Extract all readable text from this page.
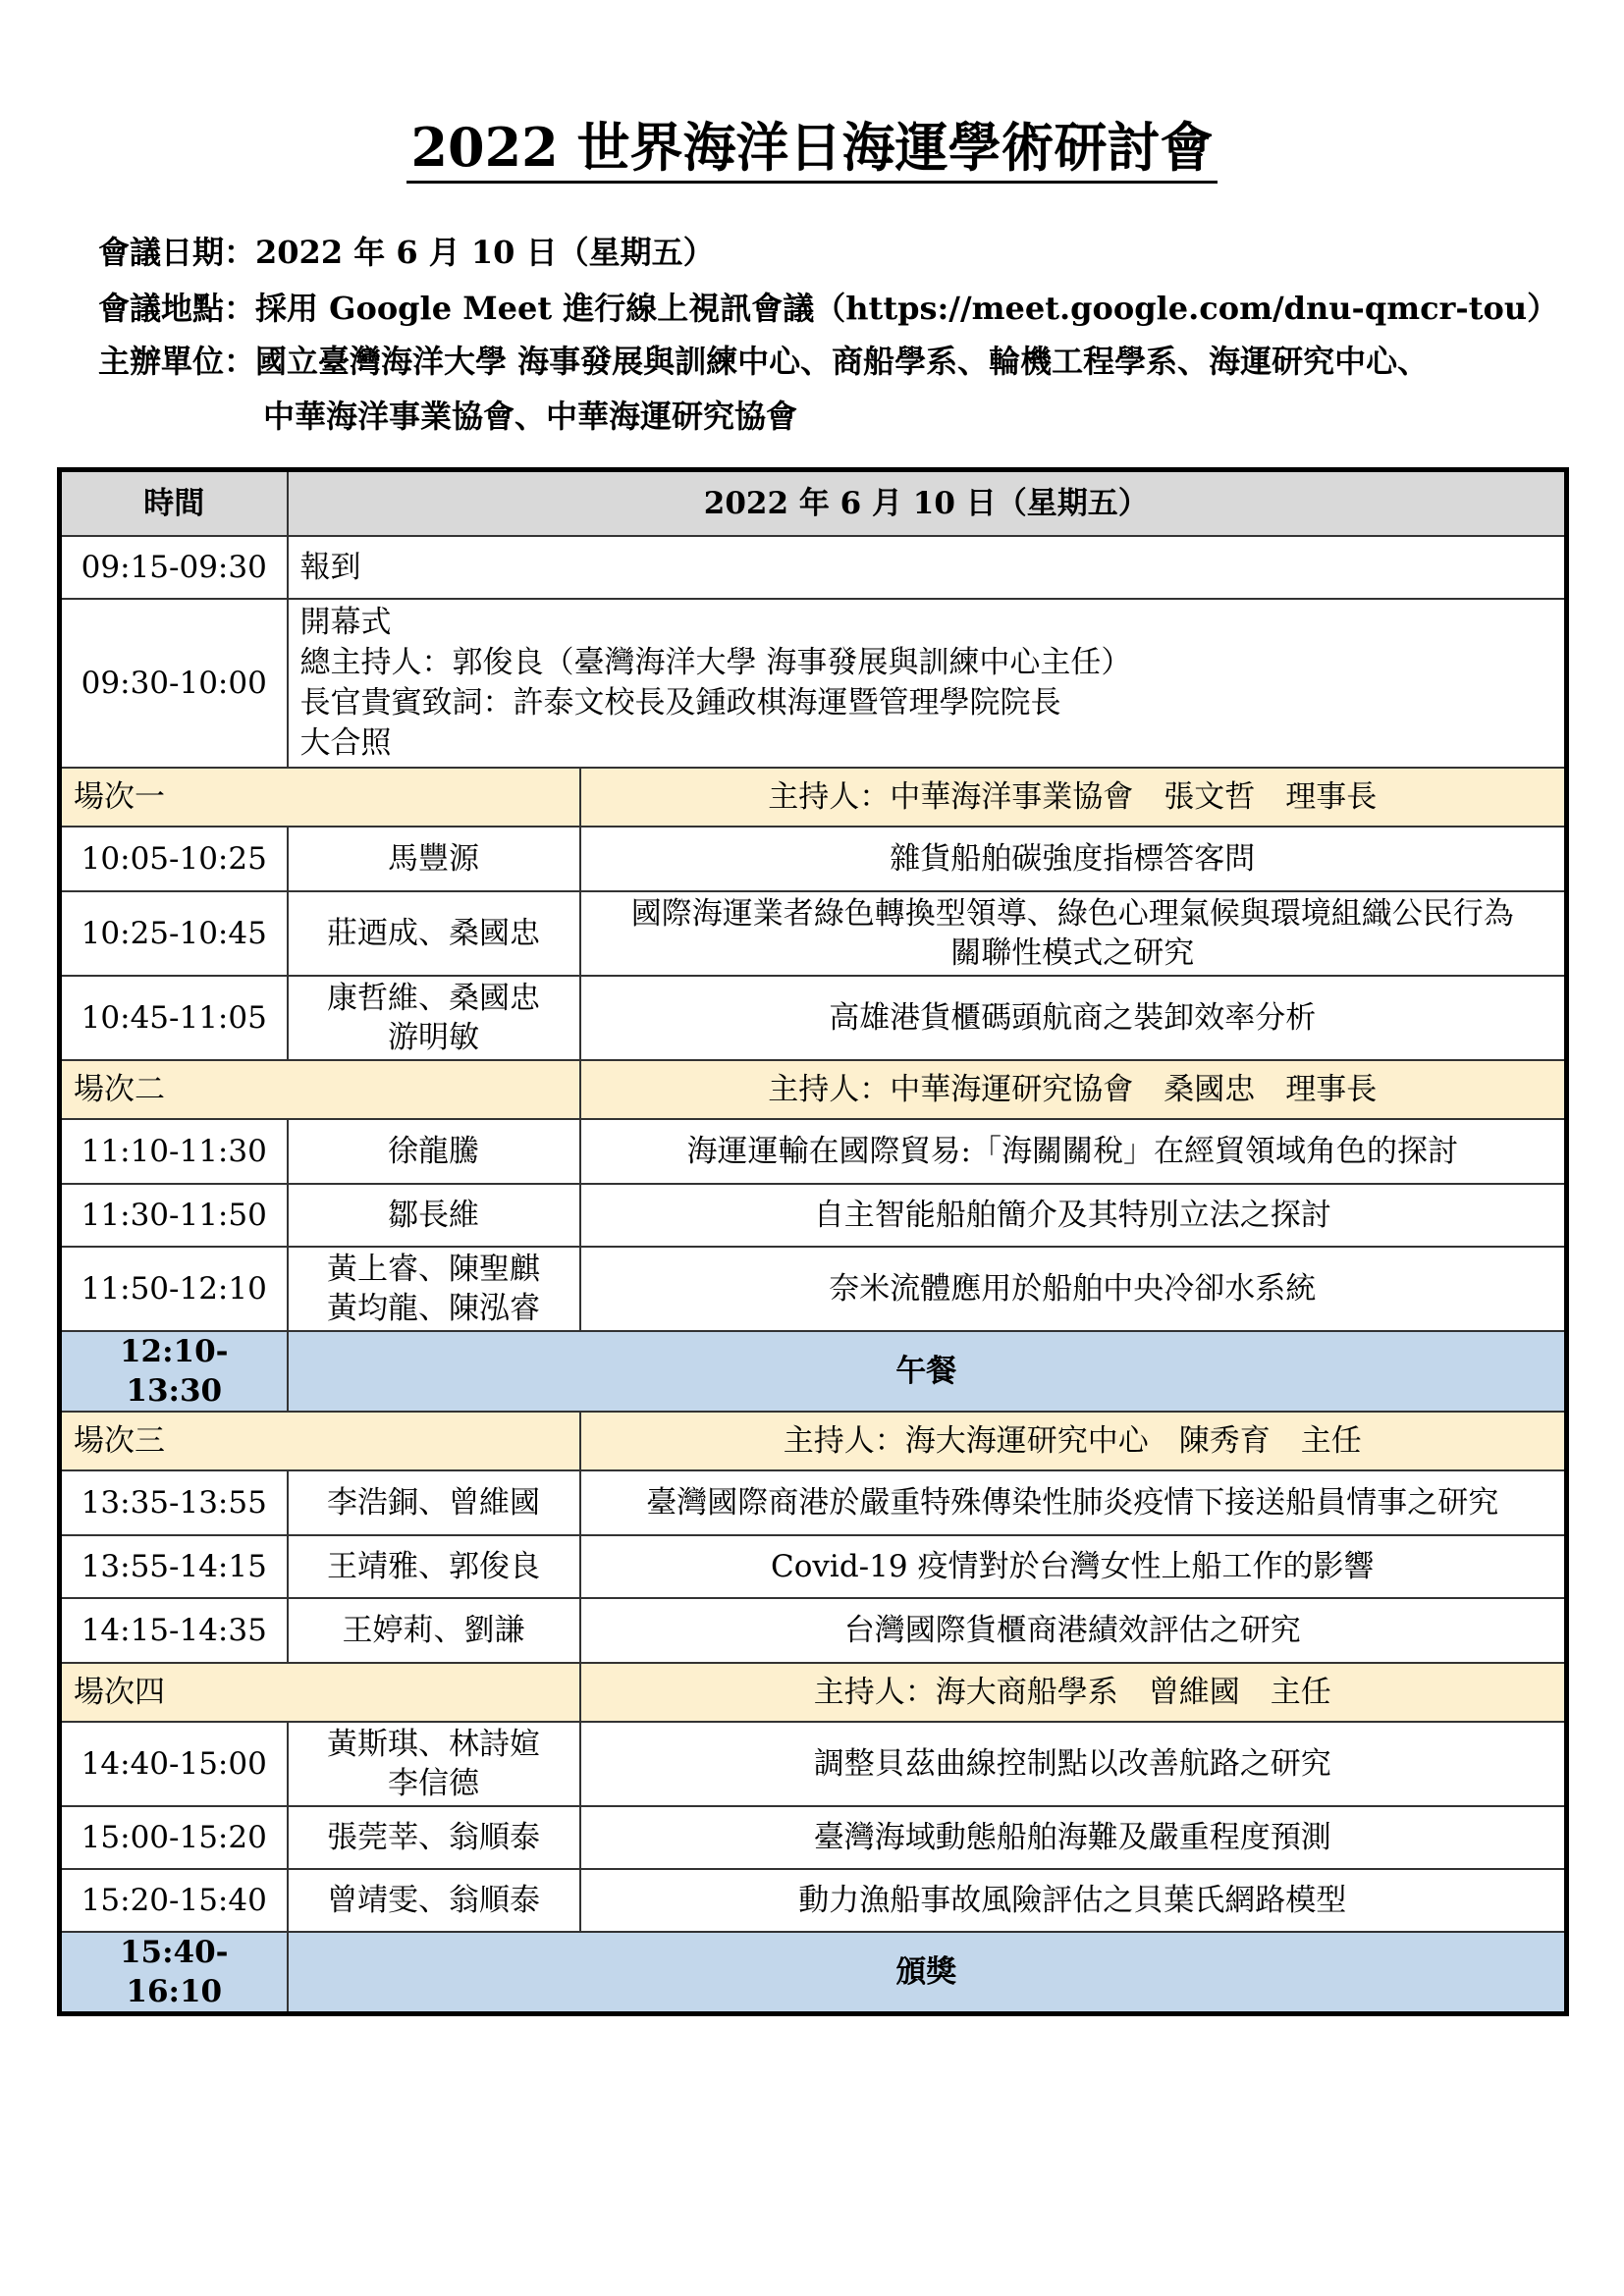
2022 世界海洋日海運學術研討會
會議日期：2022 年 6 月 10 日（星期五）
會議地點：採用 Google Meet 進行線上視訊會議（https://meet.google.com/dnu-qmcr-tou）
主辦單位：國立臺灣海洋大學 海事發展與訓練中心、商船學系、輪機工程學系、海運研究中心、
中華海洋事業協會、中華海運研究協會
時間	2022 年 6 月 10 日（星期五）	
09:15-09:30	報到	
09:30-10:00	開幕式
總主持人：郭俊良（臺灣海洋大學 海事發展與訓練中心主任）
長官貴賓致詞：許泰文校長及鍾政棋海運暨管理學院院長
大合照	

場次一		主持人：中華海洋事業協會　張文哲　理事長
10:05-10:25	馬豐源	雜貨船舶碳強度指標答客問
10:25-10:45	莊迺成、桑國忠	國際海運業者綠色轉換型領導、綠色心理氣候與環境組織公民行為
關聯性模式之研究

10:45-11:05	康哲維、桑國忠
游明敏	高雄港貨櫃碼頭航商之裝卸效率分析
場次二		主持人：中華海運研究協會　桑國忠　理事長
11:10-11:30	徐龍騰	海運運輸在國際貿易:「海關關稅」在經貿領域角色的探討
11:30-11:50	鄒長維	自主智能船舶簡介及其特別立法之探討
11:50-12:10	黃上睿、陳聖麒
黃均龍、陳泓睿	奈米流體應用於船舶中央冷卻水系統
12:10-13:30	午餐	
場次三		主持人：海大海運研究中心　陳秀育　主任
13:35-13:55	李浩銅、曾維國	臺灣國際商港於嚴重特殊傳染性肺炎疫情下接送船員情事之研究
13:55-14:15	王靖雅、郭俊良	Covid-19 疫情對於台灣女性上船工作的影響
14:15-14:35	王婷莉、劉謙	台灣國際貨櫃商港績效評估之研究
場次四		主持人：海大商船學系　曾維國　主任
14:40-15:00	黃斯琪、林詩媗
李信德	調整貝茲曲線控制點以改善航路之研究
15:00-15:20	張莞莘、翁順泰	臺灣海域動態船舶海難及嚴重程度預測
15:20-15:40	曾靖雯、翁順泰	動力漁船事故風險評估之貝葉氏網路模型
15:40-16:10	頒獎	
